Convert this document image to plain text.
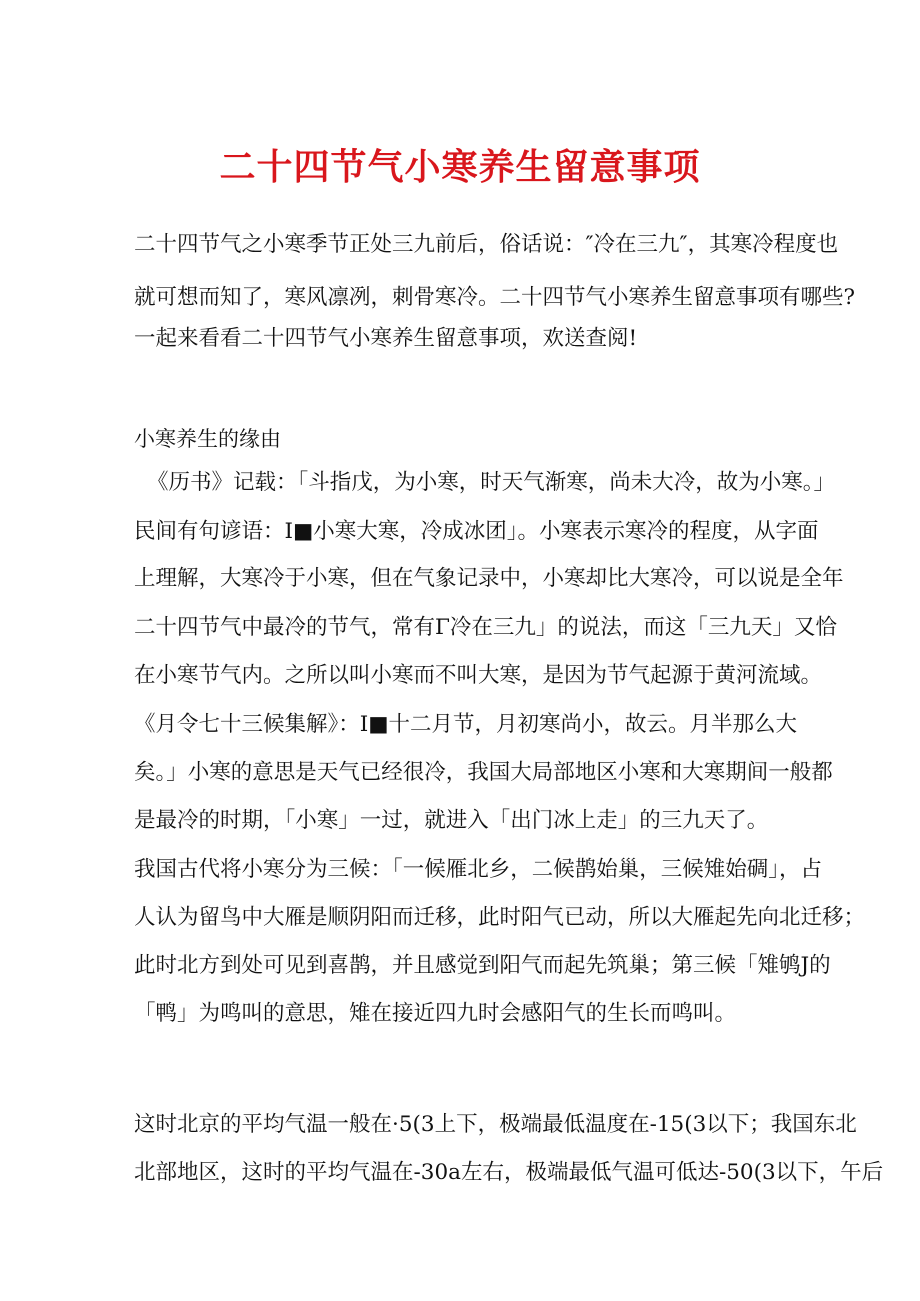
二十四节气小寒养生留意事项
二十四节气之小寒季节正处三九前后，俗话说：″冷在三九″，其寒冷程度也
就可想而知了，寒风凛冽，刺骨寒冷。二十四节气小寒养生留意事项有哪些?
一起来看看二十四节气小寒养生留意事项，欢送查阅!
小寒养生的缘由
《历书》记载：「斗指戊，为小寒，时天气渐寒，尚未大冷，故为小寒。」
民间有句谚语：I■小寒大寒，冷成冰团」。小寒表示寒冷的程度，从字面
上理解，大寒冷于小寒，但在气象记录中，小寒却比大寒冷，可以说是全年
二十四节气中最冷的节气，常有Γ冷在三九」的说法，而这「三九天」又恰
在小寒节气内。之所以叫小寒而不叫大寒，是因为节气起源于黄河流域。
《月令七十三候集解》：I■十二月节，月初寒尚小，故云。月半那么大
矣。」小寒的意思是天气已经很冷，我国大局部地区小寒和大寒期间一般都
是最冷的时期，「小寒」一过，就进入「出门冰上走」的三九天了。
我国古代将小寒分为三候：「一候雁北乡，二候鹊始巢，三候雉始碉」，占
人认为留鸟中大雁是顺阴阳而迁移，此时阳气已动，所以大雁起先向北迁移；
此时北方到处可见到喜鹊，并且感觉到阳气而起先筑巢；第三候「雉鸲J的
「鸭」为鸣叫的意思，雉在接近四九时会感阳气的生长而鸣叫。
这时北京的平均气温一般在·5(3上下，极端最低温度在-15(3以下；我国东北
北部地区，这时的平均气温在-30a左右，极端最低气温可低达-50(3以下，午后
